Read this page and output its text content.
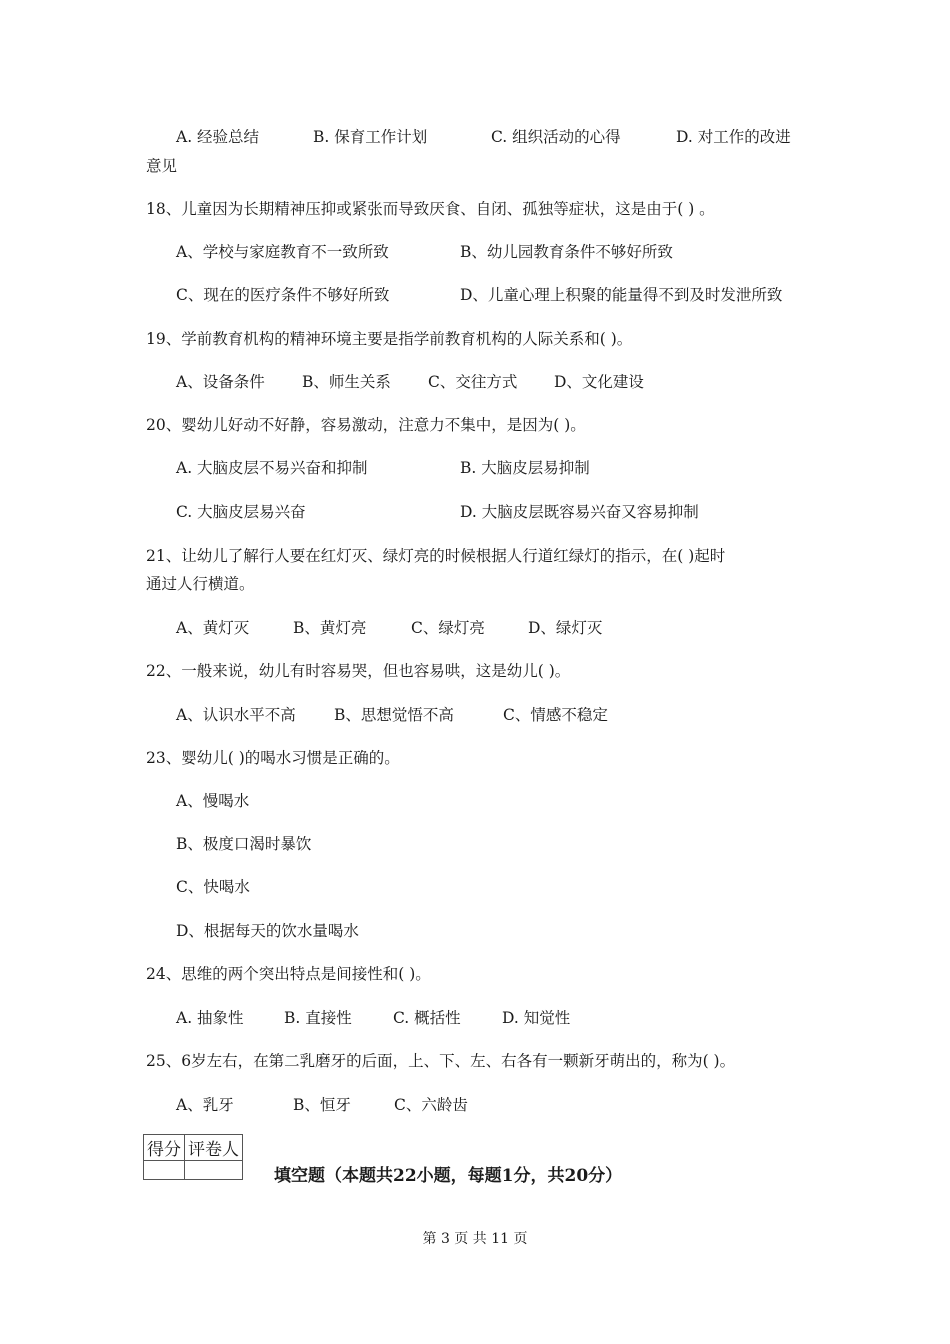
A. 经验总结	B. 保育工作计划	C. 组织活动的心得	D. 对工作的改进
意见
18、儿童因为长期精神压抑或紧张而导致厌食、自闭、孤独等症状，这是由于( ) 。
A、学校与家庭教育不一致所致	B、幼儿园教育条件不够好所致
C、现在的医疗条件不够好所致	D、儿童心理上积聚的能量得不到及时发泄所致
19、学前教育机构的精神环境主要是指学前教育机构的人际关系和( )。
A、设备条件 B、师生关系 C、交往方式 D、文化建设
20、婴幼儿好动不好静，容易激动，注意力不集中，是因为( )。
A. 大脑皮层不易兴奋和抑制	B. 大脑皮层易抑制
C. 大脑皮层易兴奋	D. 大脑皮层既容易兴奋又容易抑制
21、让幼儿了解行人要在红灯灭、绿灯亮的时候根据人行道红绿灯的指示，在( )起时
通过人行横道。
A、黄灯灭	B、黄灯亮	C、绿灯亮	D、绿灯灭
22、一般来说，幼儿有时容易哭，但也容易哄，这是幼儿( )。
A、认识水平不高 B、思想觉悟不高	C、情感不稳定
23、婴幼儿( )的喝水习惯是正确的。
A、慢喝水
B、极度口渴时暴饮
C、快喝水
D、根据每天的饮水量喝水
24、思维的两个突出特点是间接性和( )。
A. 抽象性	B. 直接性	C. 概括性	D. 知觉性
25、6岁左右，在第二乳磨牙的后面，上、下、左、右各有一颗新牙萌出的，称为( )。
A、乳牙	B、恒牙	C、六龄齿
得分	评卷人

填空题（本题共22小题，每题1分，共20分）
第 3 页 共 11 页
